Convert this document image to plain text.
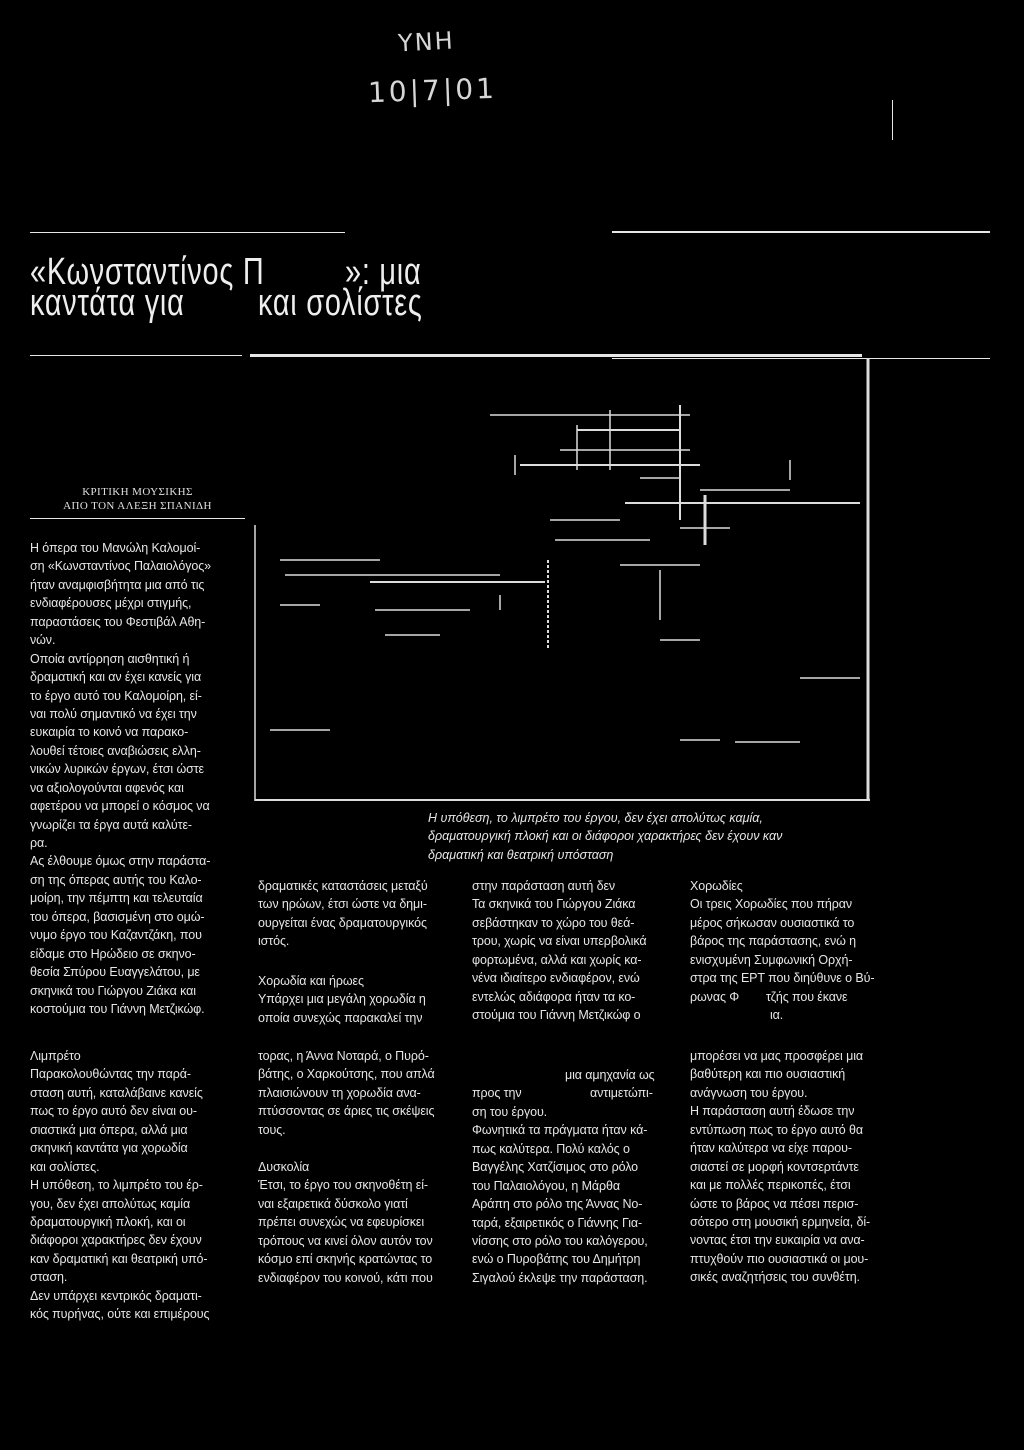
ΥΝΗ
10|7|01
«Κωνσταντίνος Π »: μια
καντάτα για και σολίστες
ΚΡΙΤΙΚΗ ΜΟΥΣΙΚΗΣ
ΑΠΟ ΤΟΝ ΑΛΕΞΗ ΣΠΑΝΙΔΗ
Η υπόθεση, το λιμπρέτο του έργου, δεν έχει απολύτως καμία,
δραματουργική πλοκή και οι διάφοροι χαρακτήρες δεν έχουν καν
δραματική και θεατρική υπόσταση
Η όπερα του Μανώλη Καλομοί-
ση «Κωνσταντίνος Παλαιολόγος»
ήταν αναμφισβήτητα μια από τις
ενδιαφέρουσες μέχρι στιγμής,
παραστάσεις του Φεστιβάλ Αθη-
νών.
Οποία αντίρρηση αισθητική ή
δραματική και αν έχει κανείς για
το έργο αυτό του Καλομοίρη, εί-
ναι πολύ σημαντικό να έχει την
ευκαιρία το κοινό να παρακο-
λουθεί τέτοιες αναβιώσεις ελλη-
νικών λυρικών έργων, έτσι ώστε
να αξιολογούνται αφενός και
αφετέρου να μπορεί ο κόσμος να
γνωρίζει τα έργα αυτά καλύτε-
ρα.
Ας έλθουμε όμως στην παράστα-
ση της όπερας αυτής του Καλο-
μοίρη, την πέμπτη και τελευταία
του όπερα, βασισμένη στο ομώ-
νυμο έργο του Καζαντζάκη, που
είδαμε στο Ηρώδειο σε σκηνο-
θεσία Σπύρου Ευαγγελάτου, με
σκηνικά του Γιώργου Ζιάκα και
κοστούμια του Γιάννη Μετζικώφ.
Λιμπρέτο
Παρακολουθώντας την παρά-
σταση αυτή, καταλάβαινε κανείς
πως το έργο αυτό δεν είναι ου-
σιαστικά μια όπερα, αλλά μια
σκηνική καντάτα για χορωδία
και σολίστες.
Η υπόθεση, το λιμπρέτο του έρ-
γου, δεν έχει απολύτως καμία
δραματουργική πλοκή, και οι
διάφοροι χαρακτήρες δεν έχουν
καν δραματική και θεατρική υπό-
σταση.
Δεν υπάρχει κεντρικός δραματι-
κός πυρήνας, ούτε και επιμέρους
δραματικές καταστάσεις μεταξύ
των ηρώων, έτσι ώστε να δημι-
ουργείται ένας δραματουργικός
ιστός.
Χορωδία και ήρωες
Υπάρχει μια μεγάλη χορωδία η
οποία συνεχώς παρακαλεί την
τορας, η Άννα Νοταρά, ο Πυρό-
βάτης, ο Χαρκούτσης, που απλά
πλαισιώνουν τη χορωδία ανα-
πτύσσοντας σε άριες τις σκέψεις
τους.
Δυσκολία
Έτσι, το έργο του σκηνοθέτη εί-
ναι εξαιρετικά δύσκολο γιατί
πρέπει συνεχώς να εφευρίσκει
τρόπους να κινεί όλον αυτόν τον
κόσμο επί σκηνής κρατώντας το
ενδιαφέρον του κοινού, κάτι που
στην παράσταση αυτή δεν
Τα σκηνικά του Γιώργου Ζιάκα
σεβάστηκαν το χώρο του θεά-
τρου, χωρίς να είναι υπερβολικά
φορτωμένα, αλλά και χωρίς κα-
νένα ιδιαίτερο ενδιαφέρον, ενώ
εντελώς αδιάφορα ήταν τα κο-
στούμια του Γιάννη Μετζικώφ ο
μια αμηχανία ως
προς την	αντιμετώπι-
ση του έργου.
Φωνητικά τα πράγματα ήταν κά-
πως καλύτερα. Πολύ καλός ο
Βαγγέλης Χατζίσιμος στο ρόλο
του Παλαιολόγου, η Μάρθα
Αράπη στο ρόλο της Άννας Νο-
ταρά, εξαιρετικός ο Γιάννης Για-
νίσσης στο ρόλο του καλόγερου,
ενώ ο Πυροβάτης του Δημήτρη
Σιγαλού έκλεψε την παράσταση.
Χορωδίες
Οι τρεις Χορωδίες που πήραν
μέρος σήκωσαν ουσιαστικά το
βάρος της παράστασης, ενώ η
ενισχυμένη Συμφωνική Ορχή-
στρα της ΕΡΤ που διηύθυνε ο Βύ-
ρωνας Φ τζής που έκανε
ια.
μπορέσει να μας προσφέρει μια
βαθύτερη και πιο ουσιαστική
ανάγνωση του έργου.
Η παράσταση αυτή έδωσε την
εντύπωση πως το έργο αυτό θα
ήταν καλύτερα να είχε παρου-
σιαστεί σε μορφή κοντσερτάντε
και με πολλές περικοπές, έτσι
ώστε το βάρος να πέσει περισ-
σότερο στη μουσική ερμηνεία, δί-
νοντας έτσι την ευκαιρία να ανα-
πτυχθούν πιο ουσιαστικά οι μου-
σικές αναζητήσεις του συνθέτη.
